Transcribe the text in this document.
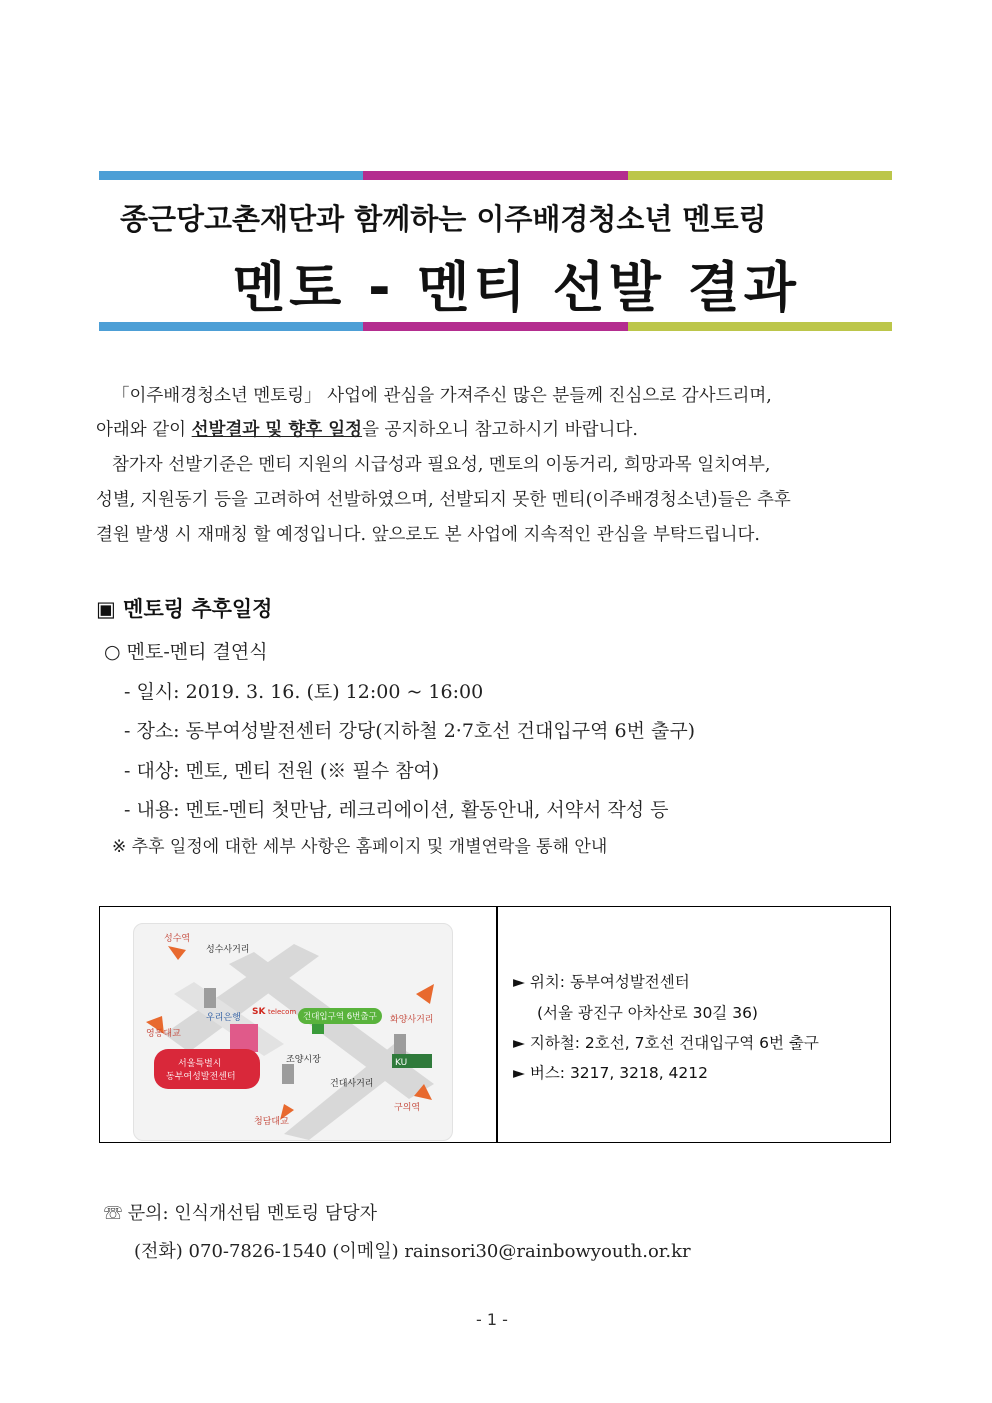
종근당고촌재단과 함께하는 이주배경청소년 멘토링
멘토 - 멘티 선발 결과
「이주배경청소년 멘토링」 사업에 관심을 가져주신 많은 분들께 진심으로 감사드리며,
아래와 같이 선발결과 및 향후 일정을 공지하오니 참고하시기 바랍니다.
참가자 선발기준은 멘티 지원의 시급성과 필요성, 멘토의 이동거리, 희망과목 일치여부,
성별, 지원동기 등을 고려하여 선발하였으며, 선발되지 못한 멘티(이주배경청소년)들은 추후
결원 발생 시 재매칭 할 예정입니다. 앞으로도 본 사업에 지속적인 관심을 부탁드립니다.
▣ 멘토링 추후일정
○ 멘토-멘티 결연식
- 일시: 2019. 3. 16. (토) 12:00 ~ 16:00
- 장소: 동부여성발전센터 강당(지하철 2·7호선 건대입구역 6번 출구)
- 대상: 멘토, 멘티 전원 (※ 필수 참여)
- 내용: 멘토-멘티 첫만남, 레크리에이션, 활동안내, 서약서 작성 등
※ 추후 일정에 대한 세부 사항은 홈페이지 및 개별연락을 통해 안내
성수역
성수사거리
우리은행
SK telecom 건대입구역 6번출구 화양사거리
영동대교
서울특별시
동부여성발전센터
조양시장
건대사거리
KU
구의역
청담대교
► 위치: 동부여성발전센터
(서울 광진구 아차산로 30길 36)
► 지하철: 2호선, 7호선 건대입구역 6번 출구
► 버스: 3217, 3218, 4212
☏ 문의: 인식개선팀 멘토링 담당자
(전화) 070-7826-1540 (이메일) rainsori30@rainbowyouth.or.kr
- 1 -
